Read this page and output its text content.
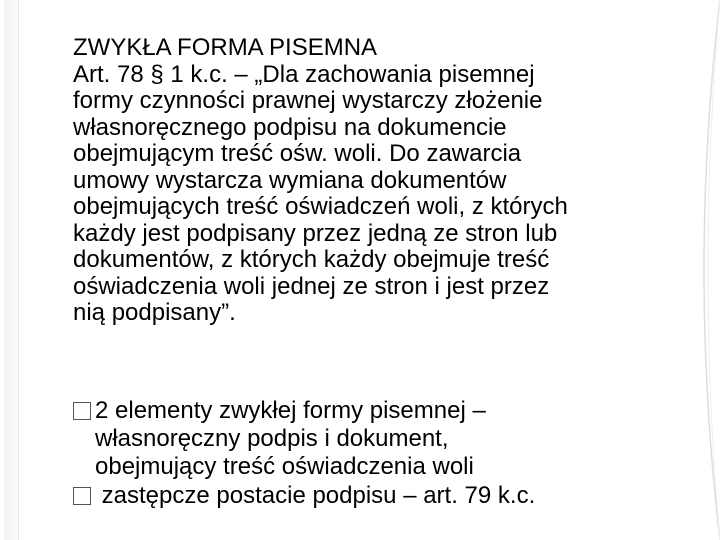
ZWYKŁA FORMA PISEMNA

Art. 78 § 1 k.c. – „Dla zachowania pisemnej
formy czynności prawnej wystarczy złożenie
własnoręcznego podpisu na dokumencie
obejmującym treść ośw. woli. Do zawarcia
umowy wystarcza wymiana dokumentów
obejmujących treść oświadczeń woli, z których
każdy jest podpisany przez jedną ze stron lub
dokumentów, z których każdy obejmuje treść
oświadczenia woli jednej ze stron i jest przez
nią podpisany”.

2 elementy zwykłej formy pisemnej –
własnoręczny podpis i dokument,
obejmujący treść oświadczenia woli
zastępcze postacie podpisu – art. 79 k.c.
